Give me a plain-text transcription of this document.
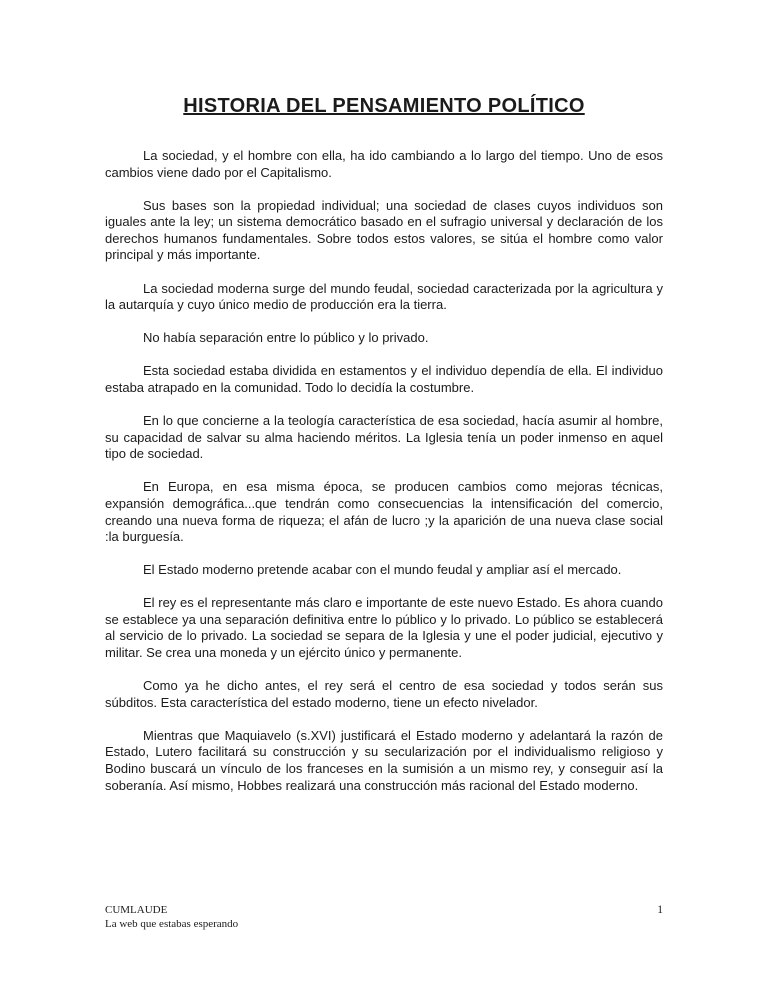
HISTORIA DEL PENSAMIENTO POLÍTICO

La sociedad, y el hombre con ella, ha ido cambiando a lo largo del tiempo. Uno de esos cambios viene dado por el Capitalismo.

Sus bases son la propiedad individual; una sociedad de clases cuyos individuos son iguales ante la ley; un sistema democrático basado en el sufragio universal y declaración de los derechos humanos fundamentales. Sobre todos estos valores, se sitúa el hombre como valor principal y más importante.

La sociedad moderna surge del mundo feudal, sociedad caracterizada por la agricultura y la autarquía y cuyo único medio de producción era la tierra.

No había separación entre lo público y lo privado.

Esta sociedad estaba dividida en estamentos y el individuo dependía de ella. El individuo estaba atrapado en la comunidad. Todo lo decidía la costumbre.

En lo que concierne a la teología característica de esa sociedad, hacía asumir al hombre, su capacidad de salvar su alma haciendo méritos. La Iglesia tenía un poder inmenso en aquel tipo de sociedad.

En Europa, en esa misma época, se producen cambios como mejoras técnicas, expansión demográfica...que tendrán como consecuencias la intensificación del comercio, creando una nueva forma de riqueza; el afán de lucro ;y la aparición de una nueva clase social :la burguesía.

El Estado moderno pretende acabar con el mundo feudal y ampliar así el mercado.

El rey es el representante más claro e importante de este nuevo Estado. Es ahora cuando se establece ya una separación definitiva entre lo público y lo privado. Lo público se establecerá al servicio de lo privado. La sociedad se separa de la Iglesia y une el poder judicial, ejecutivo y militar. Se crea una moneda y un ejército único y permanente.

Como ya he dicho antes, el rey será el centro de esa sociedad y todos serán sus súbditos. Esta característica del estado moderno, tiene un efecto nivelador.

Mientras que Maquiavelo (s.XVI) justificará el Estado moderno y adelantará la razón de Estado, Lutero facilitará su construcción y su secularización por el individualismo religioso y Bodino buscará un vínculo de los franceses en la sumisión a un mismo rey, y conseguir así la soberanía. Así mismo, Hobbes realizará una construcción más racional del Estado moderno.

CUMLAUDE
La web que estabas esperando
1
